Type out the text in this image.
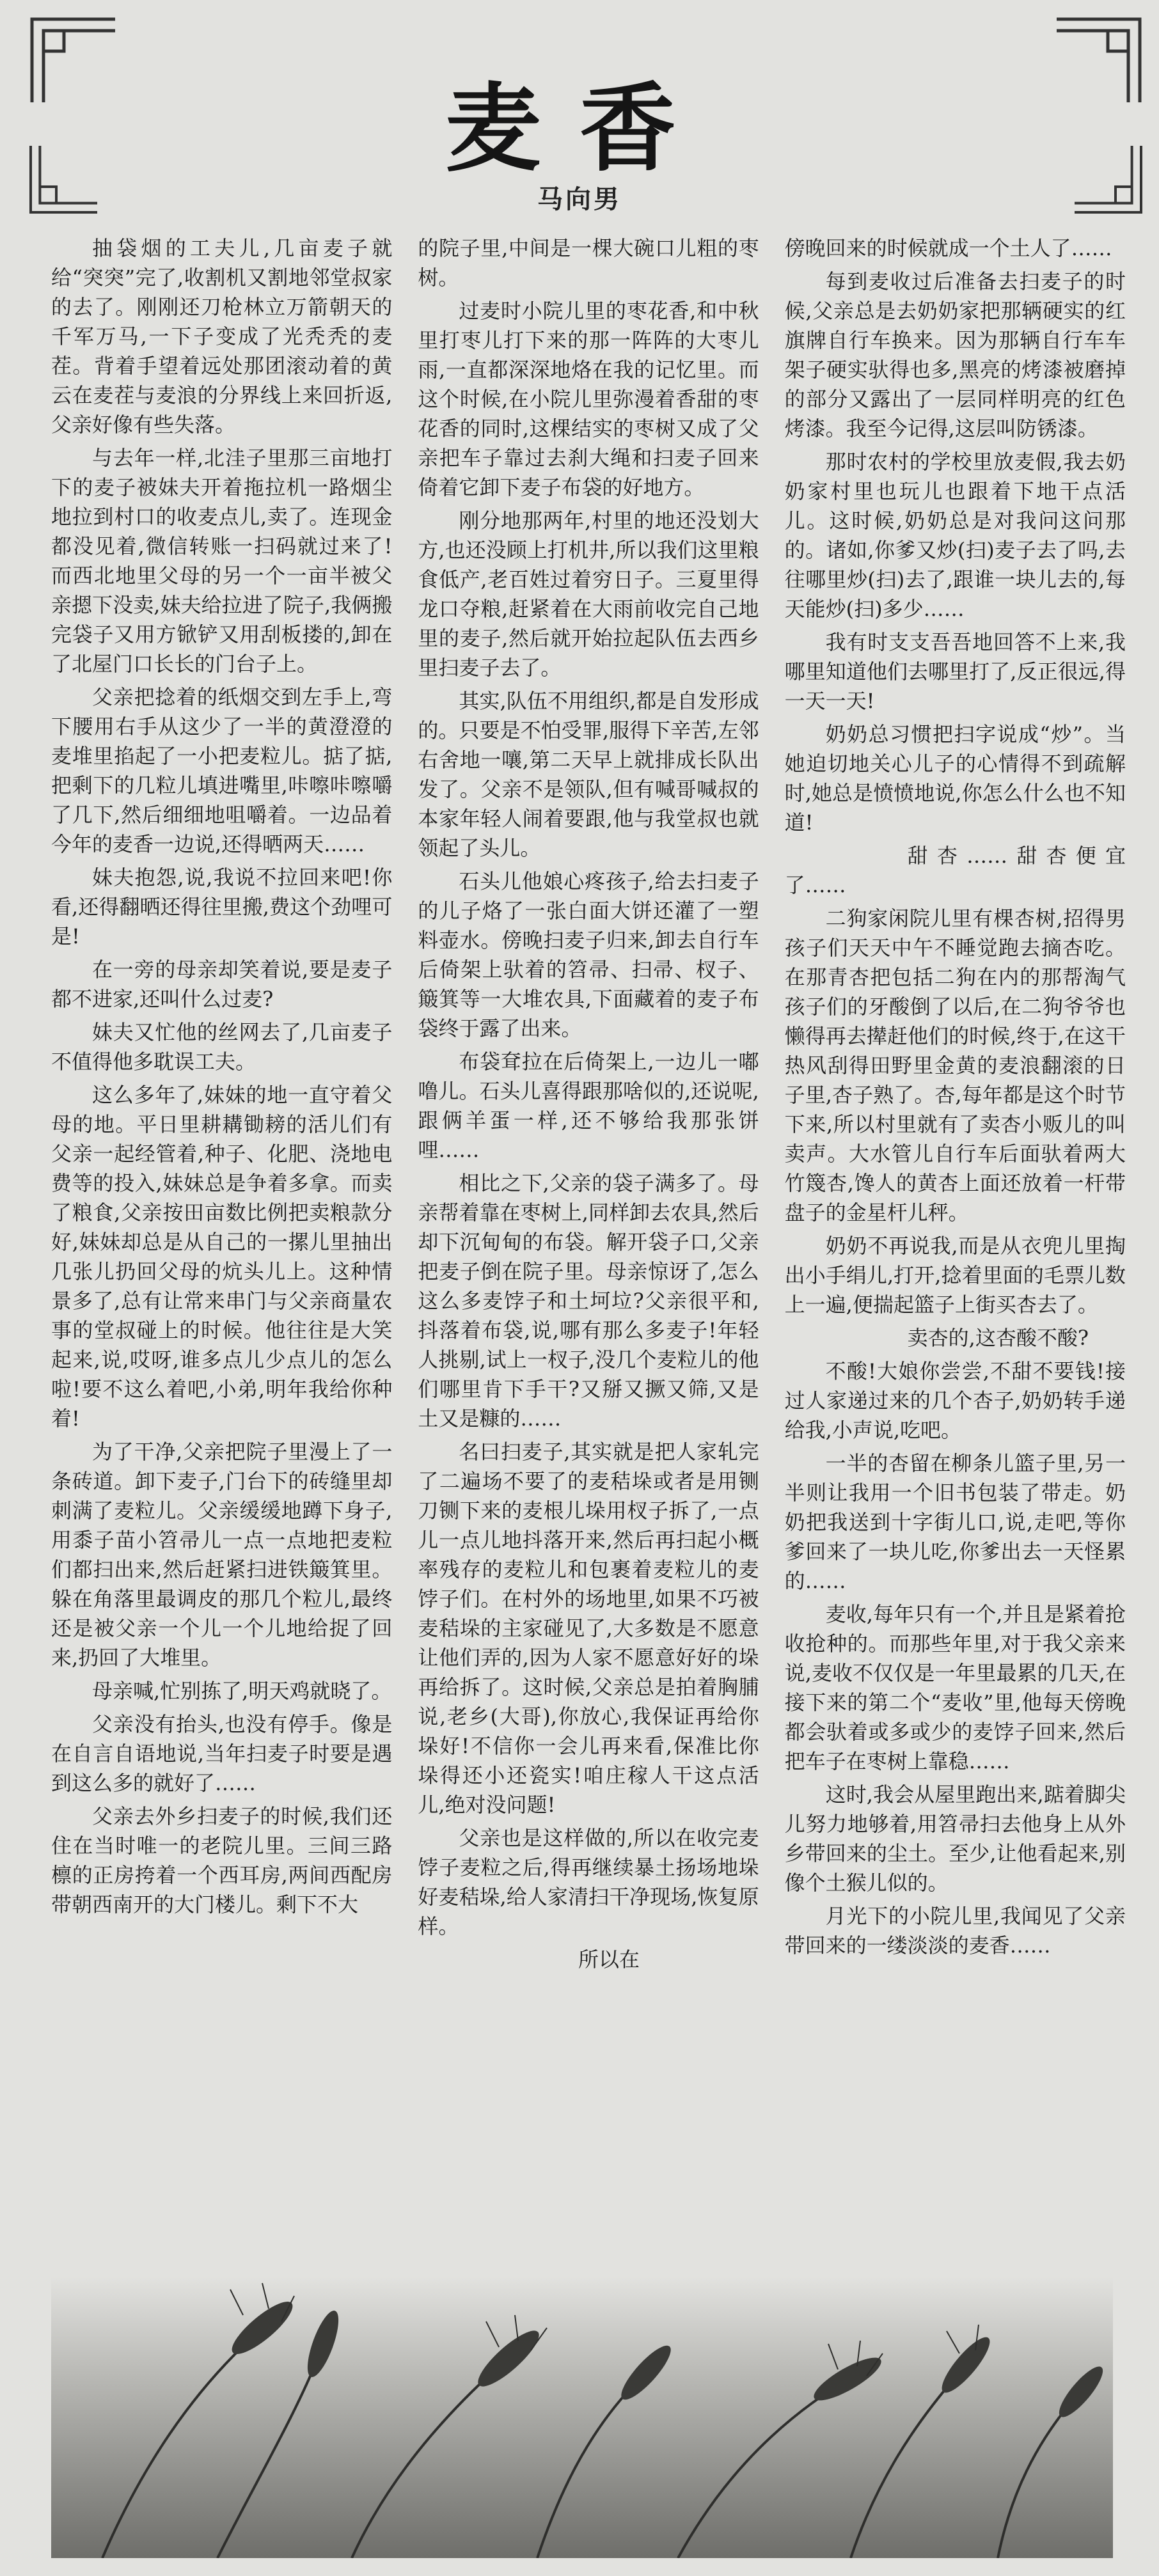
麦香
马向男

抽袋烟的工夫儿,几亩麦子就给“突突”完了,收割机又割地邻堂叔家的去了。刚刚还刀枪林立万箭朝天的千军万马,一下子变成了光秃秃的麦茬。背着手望着远处那团滚动着的黄云在麦茬与麦浪的分界线上来回折返,父亲好像有些失落。

与去年一样,北洼子里那三亩地打下的麦子被妹夫开着拖拉机一路烟尘地拉到村口的收麦点儿,卖了。连现金都没见着,微信转账一扫码就过来了!而西北地里父母的另一个一亩半被父亲摁下没卖,妹夫给拉进了院子,我俩搬完袋子又用方锨铲又用刮板搂的,卸在了北屋门口长长的门台子上。

父亲把捻着的纸烟交到左手上,弯下腰用右手从这少了一半的黄澄澄的麦堆里掐起了一小把麦粒儿。掂了掂,把剩下的几粒儿填进嘴里,咔嚓咔嚓嚼了几下,然后细细地咀嚼着。一边品着今年的麦香一边说,还得晒两天……

妹夫抱怨,说,我说不拉回来吧!你看,还得翻晒还得往里搬,费这个劲哩可是!

在一旁的母亲却笑着说,要是麦子都不进家,还叫什么过麦?

妹夫又忙他的丝网去了,几亩麦子不值得他多耽误工夫。

这么多年了,妹妹的地一直守着父母的地。平日里耕耩锄耪的活儿们有父亲一起经管着,种子、化肥、浇地电费等的投入,妹妹总是争着多拿。而卖了粮食,父亲按田亩数比例把卖粮款分好,妹妹却总是从自己的一摞儿里抽出几张儿扔回父母的炕头儿上。这种情景多了,总有让常来串门与父亲商量农事的堂叔碰上的时候。他往往是大笑起来,说,哎呀,谁多点儿少点儿的怎么啦!要不这么着吧,小弟,明年我给你种着!

为了干净,父亲把院子里漫上了一条砖道。卸下麦子,门台下的砖缝里却刺满了麦粒儿。父亲缓缓地蹲下身子,用黍子苗小笤帚儿一点一点地把麦粒们都扫出来,然后赶紧扫进铁簸箕里。躲在角落里最调皮的那几个粒儿,最终还是被父亲一个儿一个儿地给捉了回来,扔回了大堆里。

母亲喊,忙别拣了,明天鸡就晓了。

父亲没有抬头,也没有停手。像是在自言自语地说,当年扫麦子时要是遇到这么多的就好了……

父亲去外乡扫麦子的时候,我们还住在当时唯一的老院儿里。三间三路檩的正房挎着一个西耳房,两间西配房带朝西南开的大门楼儿。剩下不大

的院子里,中间是一棵大碗口儿粗的枣树。

过麦时小院儿里的枣花香,和中秋里打枣儿打下来的那一阵阵的大枣儿雨,一直都深深地烙在我的记忆里。而这个时候,在小院儿里弥漫着香甜的枣花香的同时,这棵结实的枣树又成了父亲把车子靠过去刹大绳和扫麦子回来倚着它卸下麦子布袋的好地方。

刚分地那两年,村里的地还没划大方,也还没顾上打机井,所以我们这里粮食低产,老百姓过着穷日子。三夏里得龙口夺粮,赶紧着在大雨前收完自己地里的麦子,然后就开始拉起队伍去西乡里扫麦子去了。

其实,队伍不用组织,都是自发形成的。只要是不怕受罪,服得下辛苦,左邻右舍地一嚷,第二天早上就排成长队出发了。父亲不是领队,但有喊哥喊叔的本家年轻人闹着要跟,他与我堂叔也就领起了头儿。

石头儿他娘心疼孩子,给去扫麦子的儿子烙了一张白面大饼还灌了一塑料壶水。傍晚扫麦子归来,卸去自行车后倚架上驮着的笤帚、扫帚、杈子、簸箕等一大堆农具,下面藏着的麦子布袋终于露了出来。

布袋耷拉在后倚架上,一边儿一嘟噜儿。石头儿喜得跟那啥似的,还说呢,跟俩羊蛋一样,还不够给我那张饼哩……

相比之下,父亲的袋子满多了。母亲帮着靠在枣树上,同样卸去农具,然后却下沉甸甸的布袋。解开袋子口,父亲把麦子倒在院子里。母亲惊讶了,怎么这么多麦饽子和土坷垃?父亲很平和,抖落着布袋,说,哪有那么多麦子!年轻人挑剔,试上一杈子,没几个麦粒儿的他们哪里肯下手干?又掰又撅又筛,又是土又是糠的……

名曰扫麦子,其实就是把人家轧完了二遍场不要了的麦秸垛或者是用铡刀铡下来的麦根儿垛用杈子拆了,一点儿一点儿地抖落开来,然后再扫起小概率残存的麦粒儿和包裹着麦粒儿的麦饽子们。在村外的场地里,如果不巧被麦秸垛的主家碰见了,大多数是不愿意让他们弄的,因为人家不愿意好好的垛再给拆了。这时候,父亲总是拍着胸脯说,老乡(大哥),你放心,我保证再给你垛好!不信你一会儿再来看,保准比你垛得还小还瓷实!咱庄稼人干这点活儿,绝对没问题!

父亲也是这样做的,所以在收完麦饽子麦粒之后,得再继续暴土扬场地垛好麦秸垛,给人家清扫干净现场,恢复原样。

所以在

傍晚回来的时候就成一个土人了……

每到麦收过后准备去扫麦子的时候,父亲总是去奶奶家把那辆硬实的红旗牌自行车换来。因为那辆自行车车架子硬实驮得也多,黑亮的烤漆被磨掉的部分又露出了一层同样明亮的红色烤漆。我至今记得,这层叫防锈漆。

那时农村的学校里放麦假,我去奶奶家村里也玩儿也跟着下地干点活儿。这时候,奶奶总是对我问这问那的。诸如,你爹又炒(扫)麦子去了吗,去往哪里炒(扫)去了,跟谁一块儿去的,每天能炒(扫)多少……

我有时支支吾吾地回答不上来,我哪里知道他们去哪里打了,反正很远,得一天一天!

奶奶总习惯把扫字说成“炒”。当她迫切地关心儿子的心情得不到疏解时,她总是愤愤地说,你怎么什么也不知道!

甜杏……甜杏便宜了……

二狗家闲院儿里有棵杏树,招得男孩子们天天中午不睡觉跑去摘杏吃。在那青杏把包括二狗在内的那帮淘气孩子们的牙酸倒了以后,在二狗爷爷也懒得再去撵赶他们的时候,终于,在这干热风刮得田野里金黄的麦浪翻滚的日子里,杏子熟了。杏,每年都是这个时节下来,所以村里就有了卖杏小贩儿的叫卖声。大水管儿自行车后面驮着两大竹篾杏,馋人的黄杏上面还放着一杆带盘子的金星杆儿秤。

奶奶不再说我,而是从衣兜儿里掏出小手绢儿,打开,捻着里面的毛票儿数上一遍,便揣起篮子上街买杏去了。

卖杏的,这杏酸不酸?

不酸!大娘你尝尝,不甜不要钱!接过人家递过来的几个杏子,奶奶转手递给我,小声说,吃吧。

一半的杏留在柳条儿篮子里,另一半则让我用一个旧书包装了带走。奶奶把我送到十字街儿口,说,走吧,等你爹回来了一块儿吃,你爹出去一天怪累的……

麦收,每年只有一个,并且是紧着抢收抢种的。而那些年里,对于我父亲来说,麦收不仅仅是一年里最累的几天,在接下来的第二个“麦收”里,他每天傍晚都会驮着或多或少的麦饽子回来,然后把车子在枣树上靠稳……

这时,我会从屋里跑出来,踮着脚尖儿努力地够着,用笤帚扫去他身上从外乡带回来的尘土。至少,让他看起来,别像个土猴儿似的。

月光下的小院儿里,我闻见了父亲带回来的一缕淡淡的麦香……
